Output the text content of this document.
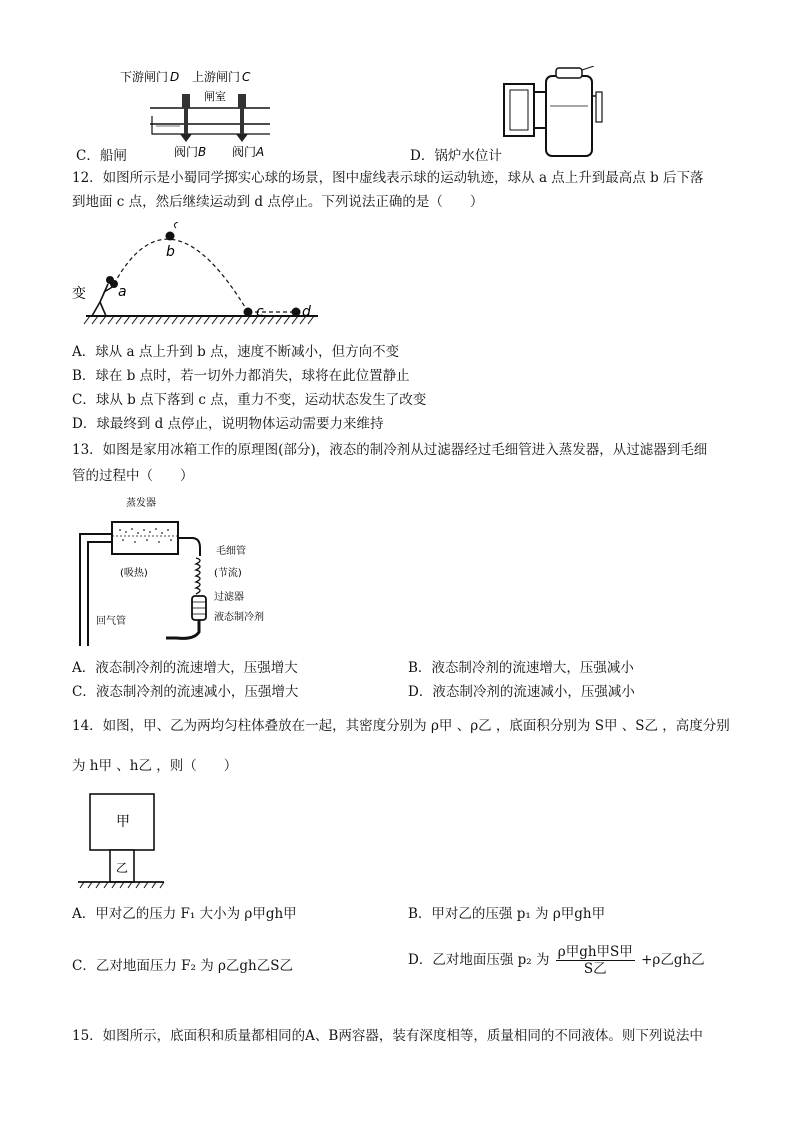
下游闸门 D 上游闸门 C
闸室
阀门 B 阀门 A
C．船闸	D．锅炉水位计
12．如图所示是小蜀同学掷实心球的场景，图中虚线表示球的运动轨迹，球从 a 点上升到最高点 b 后下落
到地面 c 点，然后继续运动到 d 点停止。下列说法正确的是（　　）
变 a
b
c	d
A．球从 a 点上升到 b 点，速度不断减小，但方向不变
B．球在 b 点时，若一切外力都消失，球将在此位置静止
C．球从 b 点下落到 c 点，重力不变，运动状态发生了改变
D．球最终到 d 点停止，说明物体运动需要力来维持
13．如图是家用冰箱工作的原理图(部分)，液态的制冷剂从过滤器经过毛细管进入蒸发器，从过滤器到毛细
管的过程中（　　）
蒸发器
(吸热)
毛细管
(节流)
过滤器
液态制冷剂
回气管
A．液态制冷剂的流速增大，压强增大	B．液态制冷剂的流速增大，压强减小
C．液态制冷剂的流速减小，压强增大	D．液态制冷剂的流速减小，压强减小
14．如图，甲、乙为两均匀柱体叠放在一起，其密度分别为 ρ甲 、ρ乙 ，底面积分别为 S甲 、S乙 ，高度分别
为 h甲 、h乙 ，则（　　）
甲
乙
A．甲对乙的压力 F₁ 大小为 ρ甲gh甲	B．甲对乙的压强 p₁ 为 ρ甲gh甲
C．乙对地面压力 F₂ 为 ρ乙gh乙S乙	D．乙对地面压强 p₂ 为 $\frac{\text{ρ甲gh甲S甲}}{\text{S乙}} +\rho$乙gh乙
15．如图所示，底面积和质量都相同的A、B两容器，装有深度相等，质量相同的不同液体。则下列说法中
